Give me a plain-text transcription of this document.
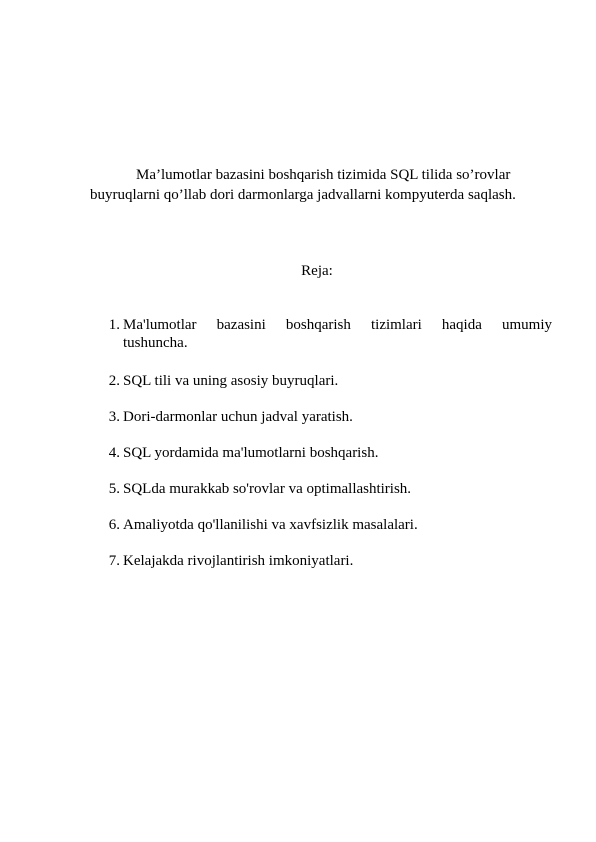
Ma’lumotlar bazasini boshqarish tizimida SQL tilida so’rovlar
buyruqlarni qo’llab dori darmonlarga jadvallarni kompyuterda saqlash.
Reja:
1. Ma'lumotlar bazasini boshqarish tizimlari haqida umumiy
tushuncha.
2. SQL tili va uning asosiy buyruqlari.
3. Dori-darmonlar uchun jadval yaratish.
4. SQL yordamida ma'lumotlarni boshqarish.
5. SQLda murakkab so'rovlar va optimallashtirish.
6. Amaliyotda qo'llanilishi va xavfsizlik masalalari.
7. Kelajakda rivojlantirish imkoniyatlari.
